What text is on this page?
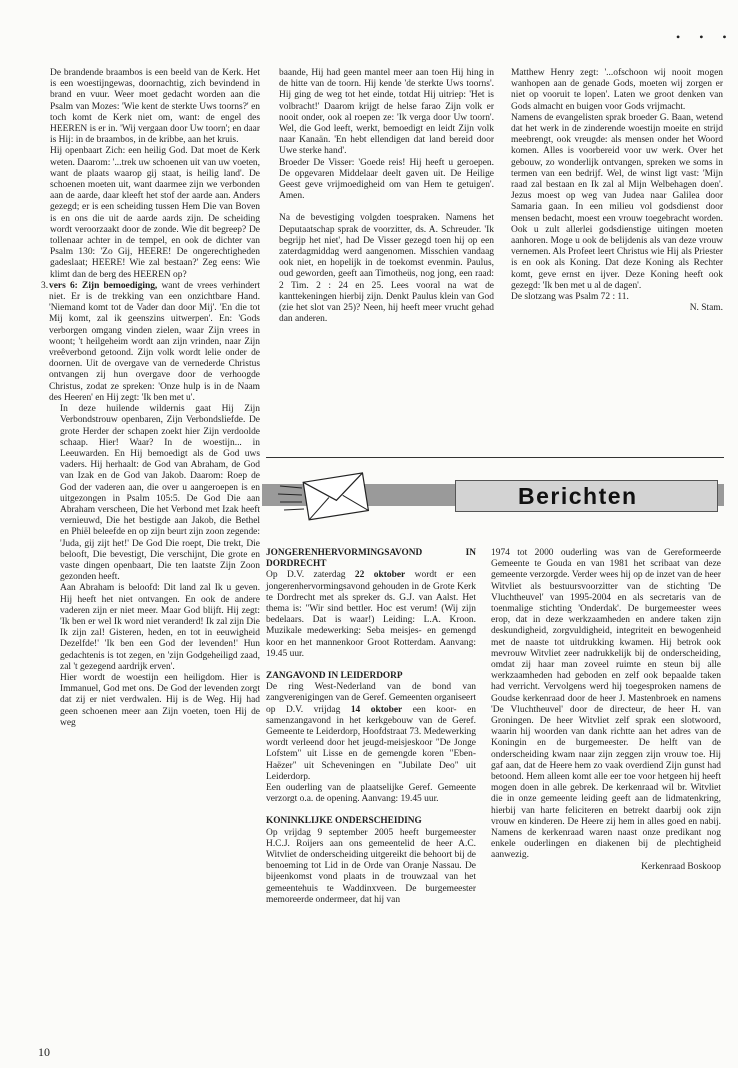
• • •

De brandende braambos is een beeld van de Kerk. Het is een woestijngewas, doornachtig, zich bevindend in brand en vuur. Weer moet gedacht worden aan die Psalm van Mozes: 'Wie kent de sterkte Uws toorns?' en toch komt de Kerk niet om, want: de engel des HEEREN is er in. 'Wij vergaan door Uw toorn'; en daar is Hij: in de braambos, in de kribbe, aan het kruis.

Hij openbaart Zich: een heilig God. Dat moet de Kerk weten. Daarom: '...trek uw schoenen uit van uw voeten, want de plaats waarop gij staat, is heilig land'. De schoenen moeten uit, want daarmee zijn we verbonden aan de aarde, daar kleeft het stof der aarde aan. Anders gezegd; er is een scheiding tussen Hem Die van Boven is en ons die uit de aarde aards zijn. De scheiding wordt veroorzaakt door de zonde. Wie dit begreep? De tollenaar achter in de tempel, en ook de dichter van Psalm 130: 'Zo Gij, HEERE! De ongerechtigheden gadeslaat; HEERE! Wie zal bestaan?' Zeg eens: Wie klimt dan de berg des HEEREN op?

3. vers 6: Zijn bemoediging, want de vrees verhindert niet. Er is de trekking van een onzichtbare Hand. 'Niemand komt tot de Vader dan door Mij'. 'En die tot Mij komt, zal ik geenszins uitwerpen'. En: 'Gods verborgen omgang vinden zielen, waar Zijn vrees in woont; 't heilgeheim wordt aan zijn vrinden, naar Zijn vreêverbond getoond. Zijn volk wordt lelie onder de doornen. Uit de overgave van de vernederde Christus ontvangen zij hun overgave door de verhoogde Christus, zodat ze spreken: 'Onze hulp is in de Naam des Heeren' en Hij zegt: 'Ik ben met u'.

In deze huilende wildernis gaat Hij Zijn Verbondstrouw openbaren, Zijn Verbondsliefde. De grote Herder der schapen zoekt hier Zijn verdoolde schaap. Hier! Waar? In de woestijn... in Leeuwarden. En Hij bemoedigt als de God uws vaders. Hij herhaalt: de God van Abraham, de God van Izak en de God van Jakob. Daarom: Roep de God der vaderen aan, die over u aangeroepen is en uitgezongen in Psalm 105:5. De God Die aan Abraham verscheen, Die het Verbond met Izak heeft vernieuwd, Die het bestigde aan Jakob, die Bethel en Phiël beleefde en op zijn beurt zijn zoon zegende: 'Juda, gij zijt het!' De God Die roept, Die trekt, Die belooft, Die bevestigt, Die verschijnt, Die grote en vaste dingen openbaart, Die ten laatste Zijn Zoon gezonden heeft.

Aan Abraham is beloofd: Dit land zal Ik u geven. Hij heeft het niet ontvangen. En ook de andere vaderen zijn er niet meer. Maar God blijft. Hij zegt: 'Ik ben er wel Ik word niet veranderd! Ik zal zijn Die Ik zijn zal! Gisteren, heden, en tot in eeuwigheid Dezelfde!' 'Ik ben een God der levenden!' Hun gedachtenis is tot zegen, en 'zijn Godgeheiligd zaad, zal 't gezegend aardrijk erven'.

Hier wordt de woestijn een heiligdom. Hier is Immanuel, God met ons. De God der levenden zorgt dat zij er niet verdwalen. Hij is de Weg. Hij had geen schoenen meer aan Zijn voeten, toen Hij de weg

baande, Hij had geen mantel meer aan toen Hij hing in de hitte van de toorn. Hij kende 'de sterkte Uws toorns'. Hij ging de weg tot het einde, totdat Hij uitriep: 'Het is volbracht!' Daarom krijgt de helse farao Zijn volk er nooit onder, ook al roepen ze: 'Ik verga door Uw toorn'. Wel, die God leeft, werkt, bemoedigt en leidt Zijn volk naar Kanaän. 'En hebt ellendigen dat land bereid door Uwe sterke hand'.

Broeder De Visser: 'Goede reis! Hij heeft u geroepen. De opgevaren Middelaar deelt gaven uit. De Heilige Geest geve vrijmoedigheid om van Hem te getuigen'. Amen.

Na de bevestiging volgden toespraken. Namens het Deputaatschap sprak de voorzitter, ds. A. Schreuder. 'Ik begrijp het niet', had De Visser gezegd toen hij op een zaterdagmiddag werd aangenomen. Misschien vandaag ook niet, en hopelijk in de toekomst evenmin. Paulus, oud geworden, geeft aan Timotheüs, nog jong, een raad: 2 Tim. 2 : 24 en 25. Lees vooral na wat de kanttekeningen hierbij zijn. Denkt Paulus klein van God (zie het slot van 25)? Neen, hij heeft meer vrucht gehad dan anderen.

Matthew Henry zegt: '...ofschoon wij nooit mogen wanhopen aan de genade Gods, moeten wij zorgen er niet op vooruit te lopen'. Laten we groot denken van Gods almacht en buigen voor Gods vrijmacht.

Namens de evangelisten sprak broeder G. Baan, wetend dat het werk in de zinderende woestijn moeite en strijd meebrengt, ook vreugde: als mensen onder het Woord komen. Alles is voorbereid voor uw werk. Over het gebouw, zo wonderlijk ontvangen, spreken we soms in termen van een bedrijf. Wel, de winst ligt vast: 'Mijn raad zal bestaan en Ik zal al Mijn Welbehagen doen'. Jezus moest op weg van Judea naar Galilea door Samaria gaan. In een milieu vol godsdienst door mensen bedacht, moest een vrouw toegebracht worden. Ook u zult allerlei godsdienstige uitingen moeten aanhoren. Moge u ook de belijdenis als van deze vrouw vernemen. Als Profeet leert Christus wie Hij als Priester is en ook als Koning. Dat deze Koning als Rechter komt, geve ernst en ijver. Deze Koning heeft ook gezegd: 'Ik ben met u al de dagen'.

De slotzang was Psalm 72 : 11.

N. Stam.

Berichten

JONGERENHERVORMINGSAVOND IN DORDRECHT

Op D.V. zaterdag 22 oktober wordt er een jongerenhervormingsavond gehouden in de Grote Kerk te Dordrecht met als spreker ds. G.J. van Aalst. Het thema is: "Wir sind bettler. Hoc est verum! (Wij zijn bedelaars. Dat is waar!) Leiding: L.A. Kroon. Muzikale medewerking: Seba meisjes- en gemengd koor en het mannenkoor Groot Rotterdam. Aanvang: 19.45 uur.

ZANGAVOND IN LEIDERDORP

De ring West-Nederland van de bond van zangverenigingen van de Geref. Gemeenten organiseert op D.V. vrijdag 14 oktober een koor- en samenzangavond in het kerkgebouw van de Geref. Gemeente te Leiderdorp, Hoofdstraat 73. Medewerking wordt verleend door het jeugd-meisjeskoor "De Jonge Lofstem" uit Lisse en de gemengde koren "Eben-Haëzer" uit Scheveningen en "Jubilate Deo" uit Leiderdorp.

Een ouderling van de plaatselijke Geref. Gemeente verzorgt o.a. de opening. Aanvang: 19.45 uur.

KONINKLIJKE ONDERSCHEIDING

Op vrijdag 9 september 2005 heeft burgemeester H.C.J. Roijers aan ons gemeentelid de heer A.C. Witvliet de onderscheiding uitgereikt die behoort bij de benoeming tot Lid in de Orde van Oranje Nassau. De bijeenkomst vond plaats in de trouwzaal van het gemeentehuis te Waddinxveen. De burgemeester memoreerde ondermeer, dat hij van

1974 tot 2000 ouderling was van de Gereformeerde Gemeente te Gouda en van 1981 het scribaat van deze gemeente verzorgde. Verder wees hij op de inzet van de heer Witvliet als bestuursvoorzitter van de stichting 'De Vluchtheuvel' van 1995-2004 en als secretaris van de toenmalige stichting 'Onderdak'. De burgemeester wees erop, dat in deze werkzaamheden en andere taken zijn deskundigheid, zorgvuldigheid, integriteit en bewogenheid met de naaste tot uitdrukking kwamen. Hij betrok ook mevrouw Witvliet zeer nadrukkelijk bij de onderscheiding, omdat zij haar man zoveel ruimte en steun bij alle werkzaamheden had geboden en zelf ook bepaalde taken had verricht. Vervolgens werd hij toegesproken namens de Goudse kerkenraad door de heer J. Mastenbroek en namens 'De Vluchtheuvel' door de directeur, de heer H. van Groningen. De heer Witvliet zelf sprak een slotwoord, waarin hij woorden van dank richtte aan het adres van de Koningin en de burgemeester. De helft van de onderscheiding kwam naar zijn zeggen zijn vrouw toe. Hij gaf aan, dat de Heere hem zo vaak overdiend Zijn gunst had betoond. Hem alleen komt alle eer toe voor hetgeen hij heeft mogen doen in alle gebrek. De kerkenraad wil br. Witvliet die in onze gemeente leiding geeft aan de lidmatenkring, hierbij van harte feliciteren en betrekt daarbij ook zijn vrouw en kinderen. De Heere zij hem in alles goed en nabij. Namens de kerkenraad waren naast onze predikant nog enkele ouderlingen en diakenen bij de plechtigheid aanwezig.

Kerkenraad Boskoop

10
